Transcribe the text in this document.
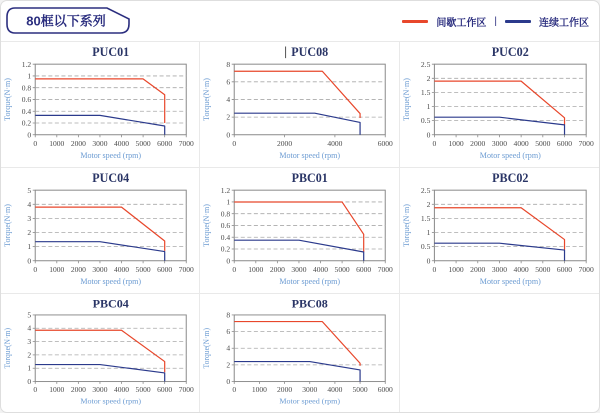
80框以下系列	间歇工作区 |	连续工作区
0
0.2
0.4
0.6
0.8
1
1.2
0 1000 2000 3000 4000 5000 6000 7000
PUC01
Motor speed (rpm)
Torque(N·m)
0
2
4
6
8
0	2000	4000	6000
PUC08
Motor speed (rpm)
Torque(N·m)
0
0.5
1
1.5
2
2.5
0 1000 2000 3000 4000 5000 6000 7000
PUC02
Motor speed (rpm)
Torque(N·m)
0
1
2
3
4
5
0 1000 2000 3000 4000 5000 6000 7000
PUC04
Motor speed (rpm)
Torque(N·m)
0
0.2
0.4
0.6
0.8
1
1.2
0 1000 2000 3000 4000 5000 6000 7000
PBC01
Motor speed (rpm)
Torque(N·m)
0
0.5
1
1.5
2
2.5
0 1000 2000 3000 4000 5000 6000 7000
PBC02
Motor speed (rpm)
Torque(N·m)
0
1
2
3
4
5
0 1000 2000 3000 4000 5000 6000 7000
PBC04
Motor speed (rpm)
Torque(N·m)
0
2
4
6
8
0 1000 2000 3000 4000 5000 6000
PBC08
Motor speed (rpm)
Torque(N·m)
